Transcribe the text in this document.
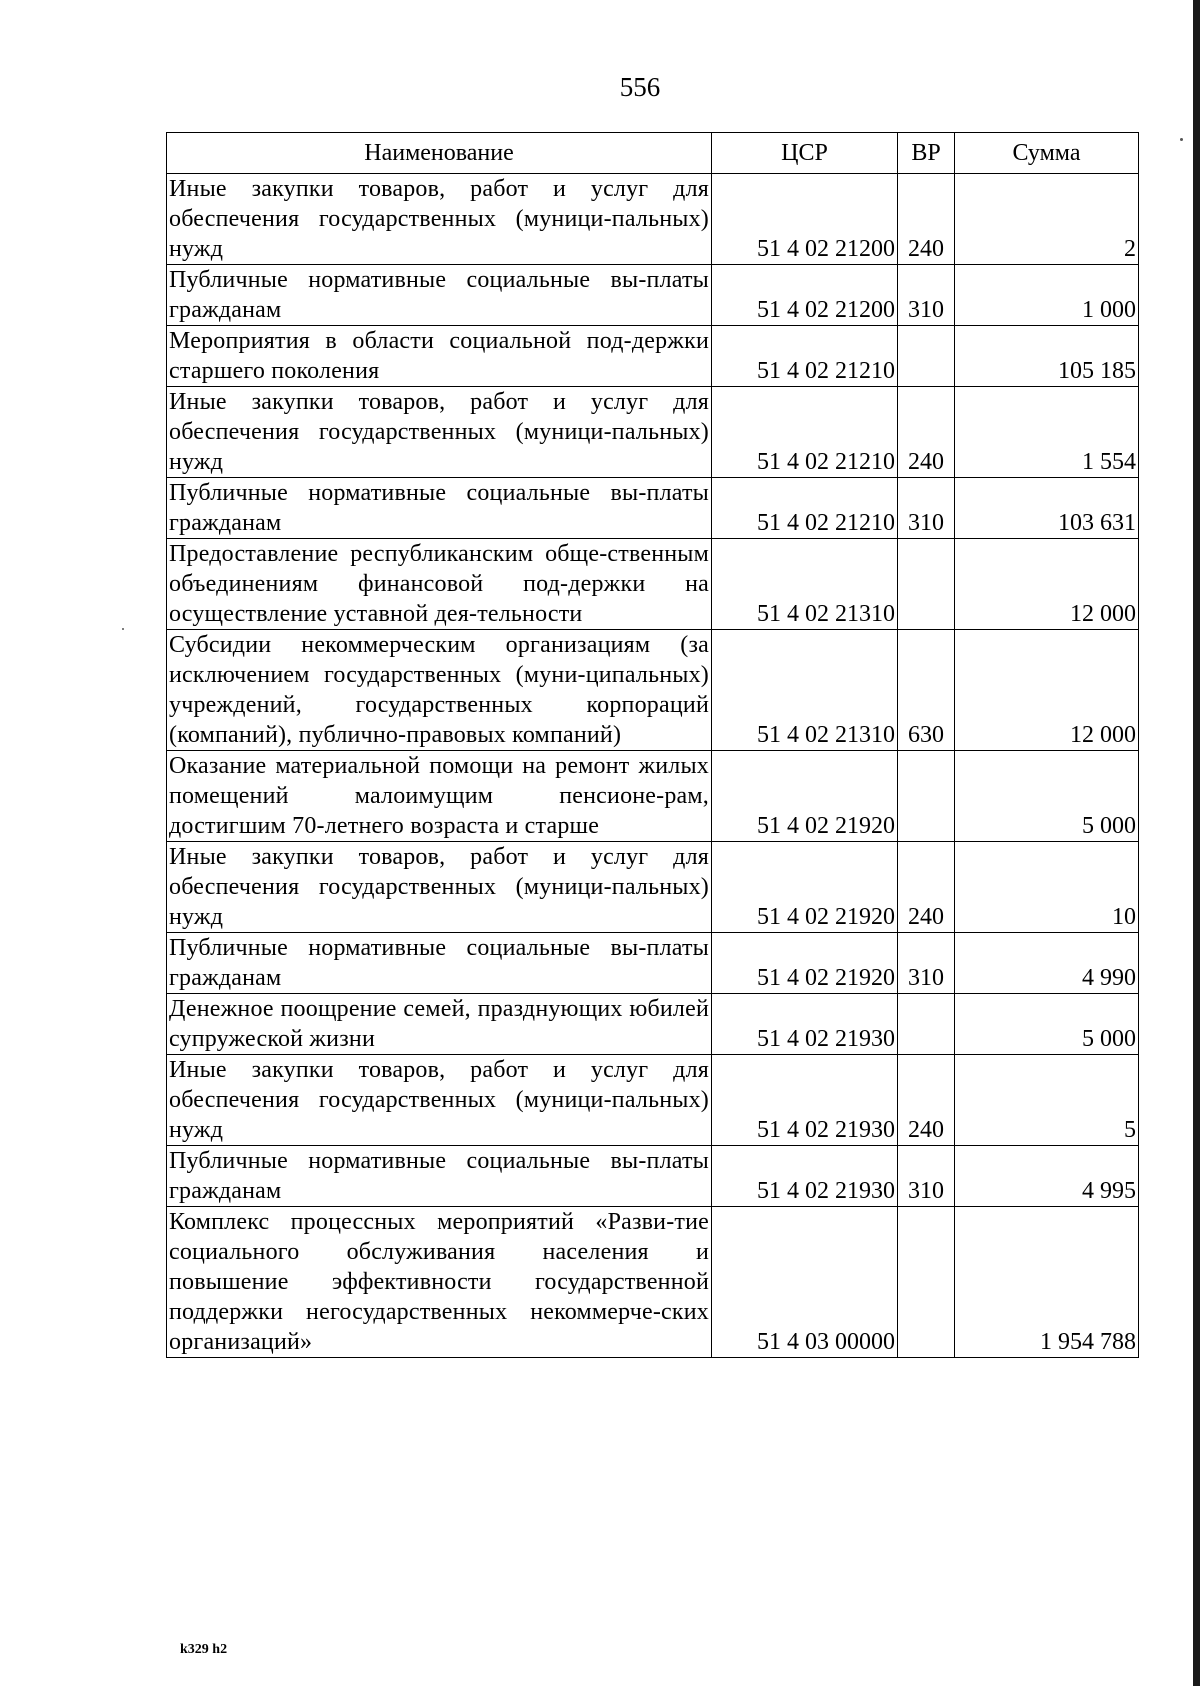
556
Наименование	ЦСР	ВР	Сумма
Иные закупки товаров, работ и услуг для обеспечения государственных (муници-пальных) нужд	51 4 02 21200	240	2
Публичные нормативные социальные вы-платы гражданам	51 4 02 21200	310	1 000
Мероприятия в области социальной под-держки старшего поколения	51 4 02 21210		105 185
Иные закупки товаров, работ и услуг для обеспечения государственных (муници-пальных) нужд	51 4 02 21210	240	1 554
Публичные нормативные социальные вы-платы гражданам	51 4 02 21210	310	103 631
Предоставление республиканским обще-ственным объединениям финансовой под-держки на осуществление уставной дея-тельности	51 4 02 21310		12 000
Субсидии некоммерческим организациям (за исключением государственных (муни-ципальных) учреждений, государственных корпораций (компаний), публично-правовых компаний)	51 4 02 21310	630	12 000
Оказание материальной помощи на ремонт жилых помещений малоимущим пенсионе-рам, достигшим 70-летнего возраста и старше	51 4 02 21920		5 000
Иные закупки товаров, работ и услуг для обеспечения государственных (муници-пальных) нужд	51 4 02 21920	240	10
Публичные нормативные социальные вы-платы гражданам	51 4 02 21920	310	4 990
Денежное поощрение семей, празднующих юбилей супружеской жизни	51 4 02 21930		5 000
Иные закупки товаров, работ и услуг для обеспечения государственных (муници-пальных) нужд	51 4 02 21930	240	5
Публичные нормативные социальные вы-платы гражданам	51 4 02 21930	310	4 995
Комплекс процессных мероприятий «Разви-тие социального обслуживания населения и повышение эффективности государственной поддержки негосударственных некоммерче-ских организаций»	51 4 03 00000		1 954 788
k329 h2
